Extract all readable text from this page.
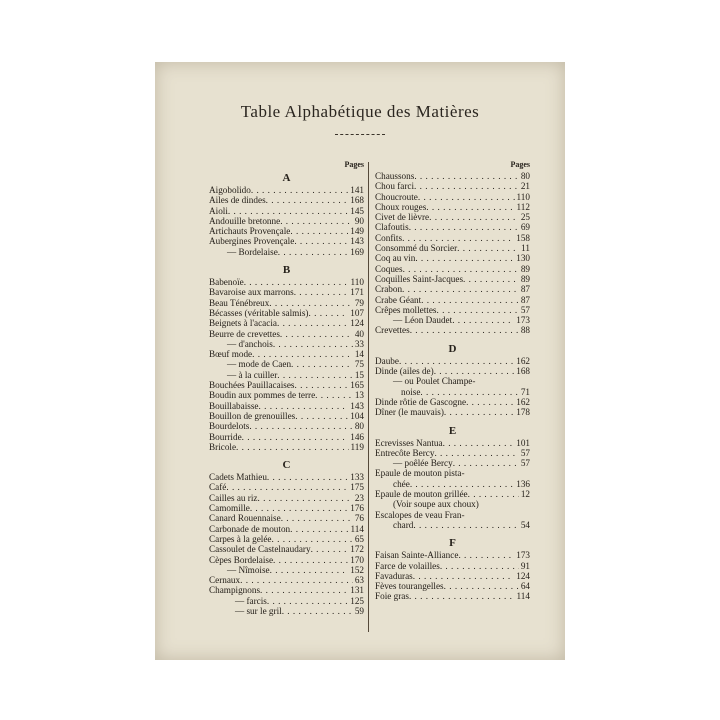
Table Alphabétique des Matières
Pages
A
Aigobolido . . .	141
Ailes de dindes . . .	168
Aioli . . .	145
Andouille bretonne . . .	90
Artichauts Provençale . . .	149
Aubergines Provençale . . .	143
— Bordelaise . . .	169
B
Babenoïe . . .	110
Bavaroise aux marrons . . .	171
Beau Ténébreux . . .	79
Bécasses (véritable salmis) . . .	107
Beignets à l'acacia . . .	124
Beurre de crevettes . . .	40
— d'anchois . . .	33
Bœuf mode . . .	14
— mode de Caen . . .	75
— à la cuiller . . .	15
Bouchées Pauillacaises . . .	165
Boudin aux pommes de terre . . .	13
Bouillabaisse . . .	143
Bouillon de grenouilles . . .	104
Bourdelots . . .	80
Bourride . . .	146
Bricole . . .	119
C
Cadets Mathieu . . .	133
Café . . .	175
Cailles au riz . . .	23
Camomille . . .	176
Canard Rouennaise . . .	76
Carbonade de mouton . . .	114
Carpes à la gelée . . .	65
Cassoulet de Castelnaudary . . .	172
Cèpes Bordelaise . . .	170
— Nîmoise . . .	152
Cernaux . . .	63
Champignons . . .	131
— farcis . . .	125
— sur le gril . . .	59
Pages
Chaussons . . .	80
Chou farci . . .	21
Choucroute . . .	110
Choux rouges . . .	112
Civet de lièvre . . .	25
Clafoutis . . .	69
Confits . . .	158
Consommé du Sorcier . . .	11
Coq au vin . . .	130
Coques . . .	89
Coquilles Saint-Jacques . . .	89
Crabon . . .	87
Crabe Géant . . .	87
Crêpes mollettes . . .	57
— Léon Daudet . . .	173
Crevettes . . .	88
D
Daube . . .	162
Dinde (ailes de) . . .	168
— ou Poulet Champe-
noise . . .	71
Dinde rôtie de Gascogne . . .	162
Dîner (le mauvais) . . .	178
E
Ecrevisses Nantua . . .	101
Entrecôte Bercy . . .	57
— poêlée Bercy . . .	57
Epaule de mouton pista-
chée . . .	136
Epaule de mouton grillée . . .	12
(Voir soupe aux choux)
Escalopes de veau Fran-
chard . . .	54
F
Faisan Sainte-Alliance . . .	173
Farce de volailles . . .	91
Favaduras . . .	124
Fèves tourangelles . . .	64
Foie gras . . .	114
